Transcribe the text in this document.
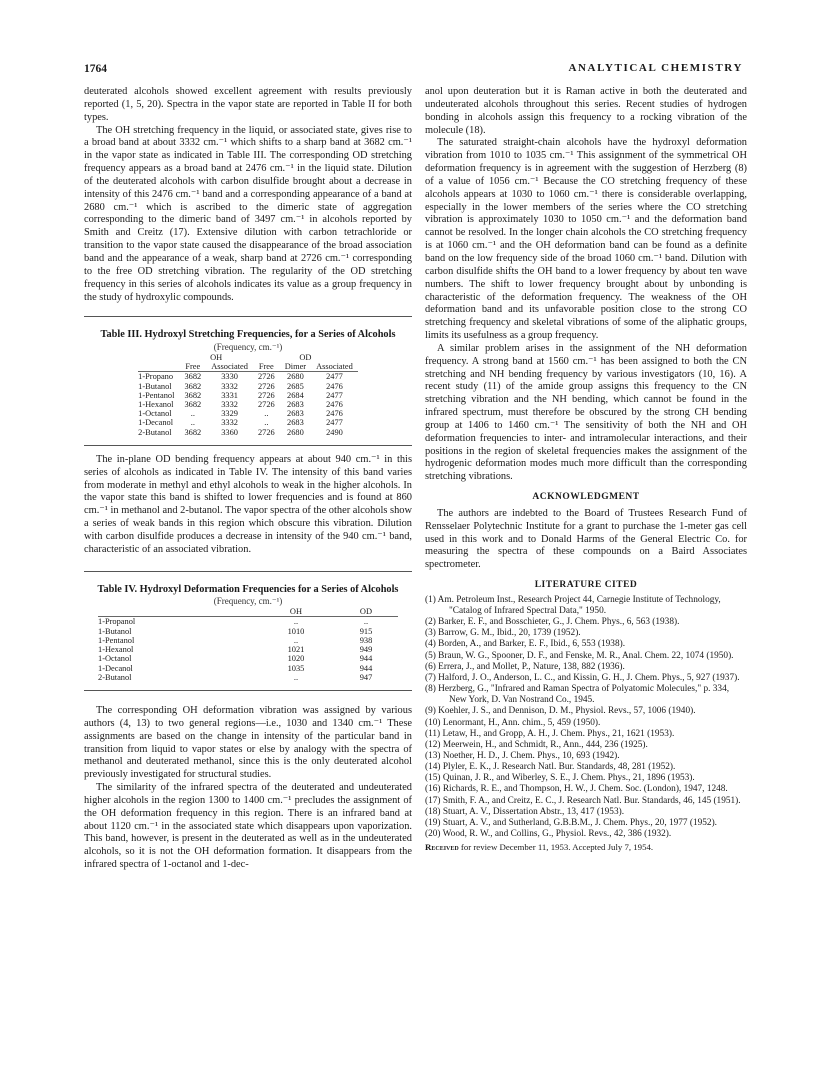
1764	ANALYTICAL CHEMISTRY

deuterated alcohols showed excellent agreement with results previously reported (1, 5, 20). Spectra in the vapor state are reported in Table II for both types.

The OH stretching frequency in the liquid, or associated state, gives rise to a broad band at about 3332 cm.⁻¹ which shifts to a sharp band at 3682 cm.⁻¹ in the vapor state as indicated in Table III. The corresponding OD stretching frequency appears as a broad band at 2476 cm.⁻¹ in the liquid state. Dilution of the deuterated alcohols with carbon disulfide brought about a decrease in intensity of this 2476 cm.⁻¹ band and a corresponding appearance of a band at 2680 cm.⁻¹ which is ascribed to the dimeric state of aggregation corresponding to the dimeric band of 3497 cm.⁻¹ in alcohols reported by Smith and Creitz (17). Extensive dilution with carbon tetrachloride or transition to the vapor state caused the disappearance of the broad association band and the appearance of a weak, sharp band at 2726 cm.⁻¹ corresponding to the free OD stretching vibration. The regularity of the OD stretching frequency in this series of alcohols indicates its value as a group frequency in the study of hydroxylic compounds.

Table III. Hydroxyl Stretching Frequencies, for a Series of Alcohols
(Frequency, cm.⁻¹)
	OH		OD		
	Free	Associated	Free	Dimer	Associated
1-Propano	3682	3330	2726	2680	2477
1-Butanol	3682	3332	2726	2685	2476
1-Pentanol	3682	3331	2726	2684	2477
1-Hexanol	3682	3332	2726	2683	2476
1-Octanol	..	3329	..	2683	2476
1-Decanol	..	3332	..	2683	2477
2-Butanol	3682	3360	2726	2680	2490

The in-plane OD bending frequency appears at about 940 cm.⁻¹ in this series of alcohols as indicated in Table IV. The intensity of this band varies from moderate in methyl and ethyl alcohols to weak in the higher alcohols. In the vapor state this band is shifted to lower frequencies and is found at 860 cm.⁻¹ in methanol and 2-butanol. The vapor spectra of the other alcohols show a series of weak bands in this region which obscure this vibration. Dilution with carbon disulfide produces a decrease in intensity of the 940 cm.⁻¹ band, characteristic of an associated vibration.

Table IV. Hydroxyl Deformation Frequencies for a Series of Alcohols
(Frequency, cm.⁻¹)
	OH	OD
1-Propanol	..	..
1-Butanol	1010	915
1-Pentanol	..	938
1-Hexanol	1021	949
1-Octanol	1020	944
1-Decanol	1035	944
2-Butanol	..	947

The corresponding OH deformation vibration was assigned by various authors (4, 13) to two general regions—i.e., 1030 and 1340 cm.⁻¹ These assignments are based on the change in intensity of the particular band in transition from liquid to vapor states or else by analogy with the spectra of methanol and deuterated methanol, since this is the only deuterated alcohol previously investigated for structural studies.

The similarity of the infrared spectra of the deuterated and undeuterated higher alcohols in the region 1300 to 1400 cm.⁻¹ precludes the assignment of the OH deformation frequency in this region. There is an infrared band at about 1120 cm.⁻¹ in the associated state which disappears upon vaporization. This band, however, is present in the deuterated as well as in the undeuterated alcohols, so it is not the OH deformation formation. It disappears from the infrared spectra of 1-octanol and 1-dec-

anol upon deuteration but it is Raman active in both the deuterated and undeuterated alcohols throughout this series. Recent studies of hydrogen bonding in alcohols assign this frequency to a rocking vibration of the molecule (18).

The saturated straight-chain alcohols have the hydroxyl deformation vibration from 1010 to 1035 cm.⁻¹ This assignment of the symmetrical OH deformation frequency is in agreement with the suggestion of Herzberg (8) of a value of 1056 cm.⁻¹ Because the CO stretching frequency of these alcohols appears at 1030 to 1060 cm.⁻¹ there is considerable overlapping, especially in the lower members of the series where the CO stretching vibration is approximately 1030 to 1050 cm.⁻¹ and the deformation band cannot be resolved. In the longer chain alcohols the CO stretching frequency is at 1060 cm.⁻¹ and the OH deformation band can be found as a definite band on the low frequency side of the broad 1060 cm.⁻¹ band. Dilution with carbon disulfide shifts the OH band to a lower frequency by about ten wave numbers. The shift to lower frequency brought about by unbonding is characteristic of the deformation frequency. The weakness of the OH deformation band and its unfavorable position close to the strong CO stretching frequency and skeletal vibrations of some of the aliphatic groups, limits its usefulness as a group frequency.

A similar problem arises in the assignment of the NH deformation frequency. A strong band at 1560 cm.⁻¹ has been assigned to both the CN stretching and NH bending frequency by various investigators (10, 16). A recent study (11) of the amide group assigns this frequency to the CN stretching vibration and the NH bending, which cannot be found in the infrared spectrum, must therefore be obscured by the strong CH bending group at 1406 to 1460 cm.⁻¹ The sensitivity of both the NH and OH deformation frequencies to inter- and intramolecular interactions, and their positions in the region of skeletal frequencies makes the assignment of the hydrogenic deformation modes much more difficult than the corresponding stretching vibrations.

ACKNOWLEDGMENT

The authors are indebted to the Board of Trustees Research Fund of Rensselaer Polytechnic Institute for a grant to purchase the 1-meter gas cell used in this work and to Donald Harms of the General Electric Co. for measuring the spectra of these compounds on a Baird Associates spectrometer.

LITERATURE CITED
(1) Am. Petroleum Inst., Research Project 44, Carnegie Institute of Technology, "Catalog of Infrared Spectral Data," 1950.
(2) Barker, E. F., and Bosschieter, G., J. Chem. Phys., 6, 563 (1938).
(3) Barrow, G. M., Ibid., 20, 1739 (1952).
(4) Borden, A., and Barker, E. F., Ibid., 6, 553 (1938).
(5) Braun, W. G., Spooner, D. F., and Fenske, M. R., Anal. Chem. 22, 1074 (1950).
(6) Errera, J., and Mollet, P., Nature, 138, 882 (1936).
(7) Halford, J. O., Anderson, L. C., and Kissin, G. H., J. Chem. Phys., 5, 927 (1937).
(8) Herzberg, G., "Infrared and Raman Spectra of Polyatomic Molecules," p. 334, New York, D. Van Nostrand Co., 1945.
(9) Koehler, J. S., and Dennison, D. M., Physiol. Revs., 57, 1006 (1940).
(10) Lenormant, H., Ann. chim., 5, 459 (1950).
(11) Letaw, H., and Gropp, A. H., J. Chem. Phys., 21, 1621 (1953).
(12) Meerwein, H., and Schmidt, R., Ann., 444, 236 (1925).
(13) Noether, H. D., J. Chem. Phys., 10, 693 (1942).
(14) Plyler, E. K., J. Research Natl. Bur. Standards, 48, 281 (1952).
(15) Quinan, J. R., and Wiberley, S. E., J. Chem. Phys., 21, 1896 (1953).
(16) Richards, R. E., and Thompson, H. W., J. Chem. Soc. (London), 1947, 1248.
(17) Smith, F. A., and Creitz, E. C., J. Research Natl. Bur. Standards, 46, 145 (1951).
(18) Stuart, A. V., Dissertation Abstr., 13, 417 (1953).
(19) Stuart, A. V., and Sutherland, G.B.B.M., J. Chem. Phys., 20, 1977 (1952).
(20) Wood, R. W., and Collins, G., Physiol. Revs., 42, 386 (1932).
Received for review December 11, 1953. Accepted July 7, 1954.
